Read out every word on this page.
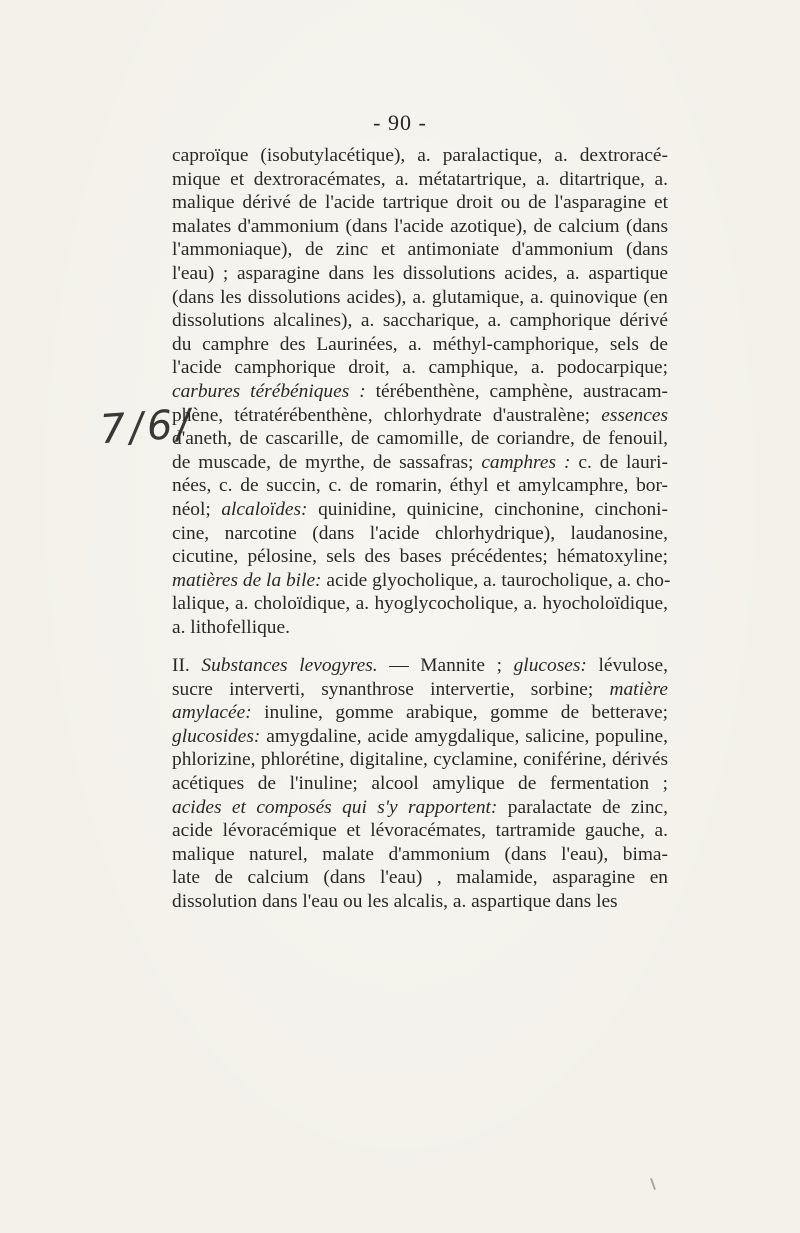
- 90 -
7/6/
caproïque (isobutylacétique), a. paralactique, a. dextroracé-
mique et dextroracémates, a. métatartrique, a. ditartrique, a.
malique dérivé de l'acide tartrique droit ou de l'asparagine et
malates d'ammonium (dans l'acide azotique), de calcium (dans
l'ammoniaque), de zinc et antimoniate d'ammonium (dans
l'eau) ; asparagine dans les dissolutions acides, a. aspartique
(dans les dissolutions acides), a. glutamique, a. quinovique (en
dissolutions alcalines), a. saccharique, a. camphorique dérivé
du camphre des Laurinées, a. méthyl-camphorique, sels de
l'acide camphorique droit, a. camphique, a. podocarpique;
carbures térébéniques : térébenthène, camphène, austracam-
phène, tétratérébenthène, chlorhydrate d'australène; essences
d'aneth, de cascarille, de camomille, de coriandre, de fenouil,
de muscade, de myrthe, de sassafras; camphres : c. de lauri-
nées, c. de succin, c. de romarin, éthyl et amylcamphre, bor-
néol; alcaloïdes: quinidine, quinicine, cinchonine, cinchoni-
cine, narcotine (dans l'acide chlorhydrique), laudanosine,
cicutine, pélosine, sels des bases précédentes; hématoxyline;
matières de la bile: acide glyocholique, a. taurocholique, a. cho-
lalique, a. choloïdique, a. hyoglycocholique, a. hyocholoïdique,
a. lithofellique.
II. Substances levogyres. — Mannite ; glucoses: lévulose,
sucre interverti, synanthrose intervertie, sorbine; matière
amylacée: inuline, gomme arabique, gomme de betterave;
glucosides: amygdaline, acide amygdalique, salicine, populine,
phlorizine, phlorétine, digitaline, cyclamine, coniférine, dérivés
acétiques de l'inuline; alcool amylique de fermentation ;
acides et composés qui s'y rapportent: paralactate de zinc,
acide lévoracémique et lévoracémates, tartramide gauche, a.
malique naturel, malate d'ammonium (dans l'eau), bima-
late de calcium (dans l'eau) , malamide, asparagine en
dissolution dans l'eau ou les alcalis, a. aspartique dans les
